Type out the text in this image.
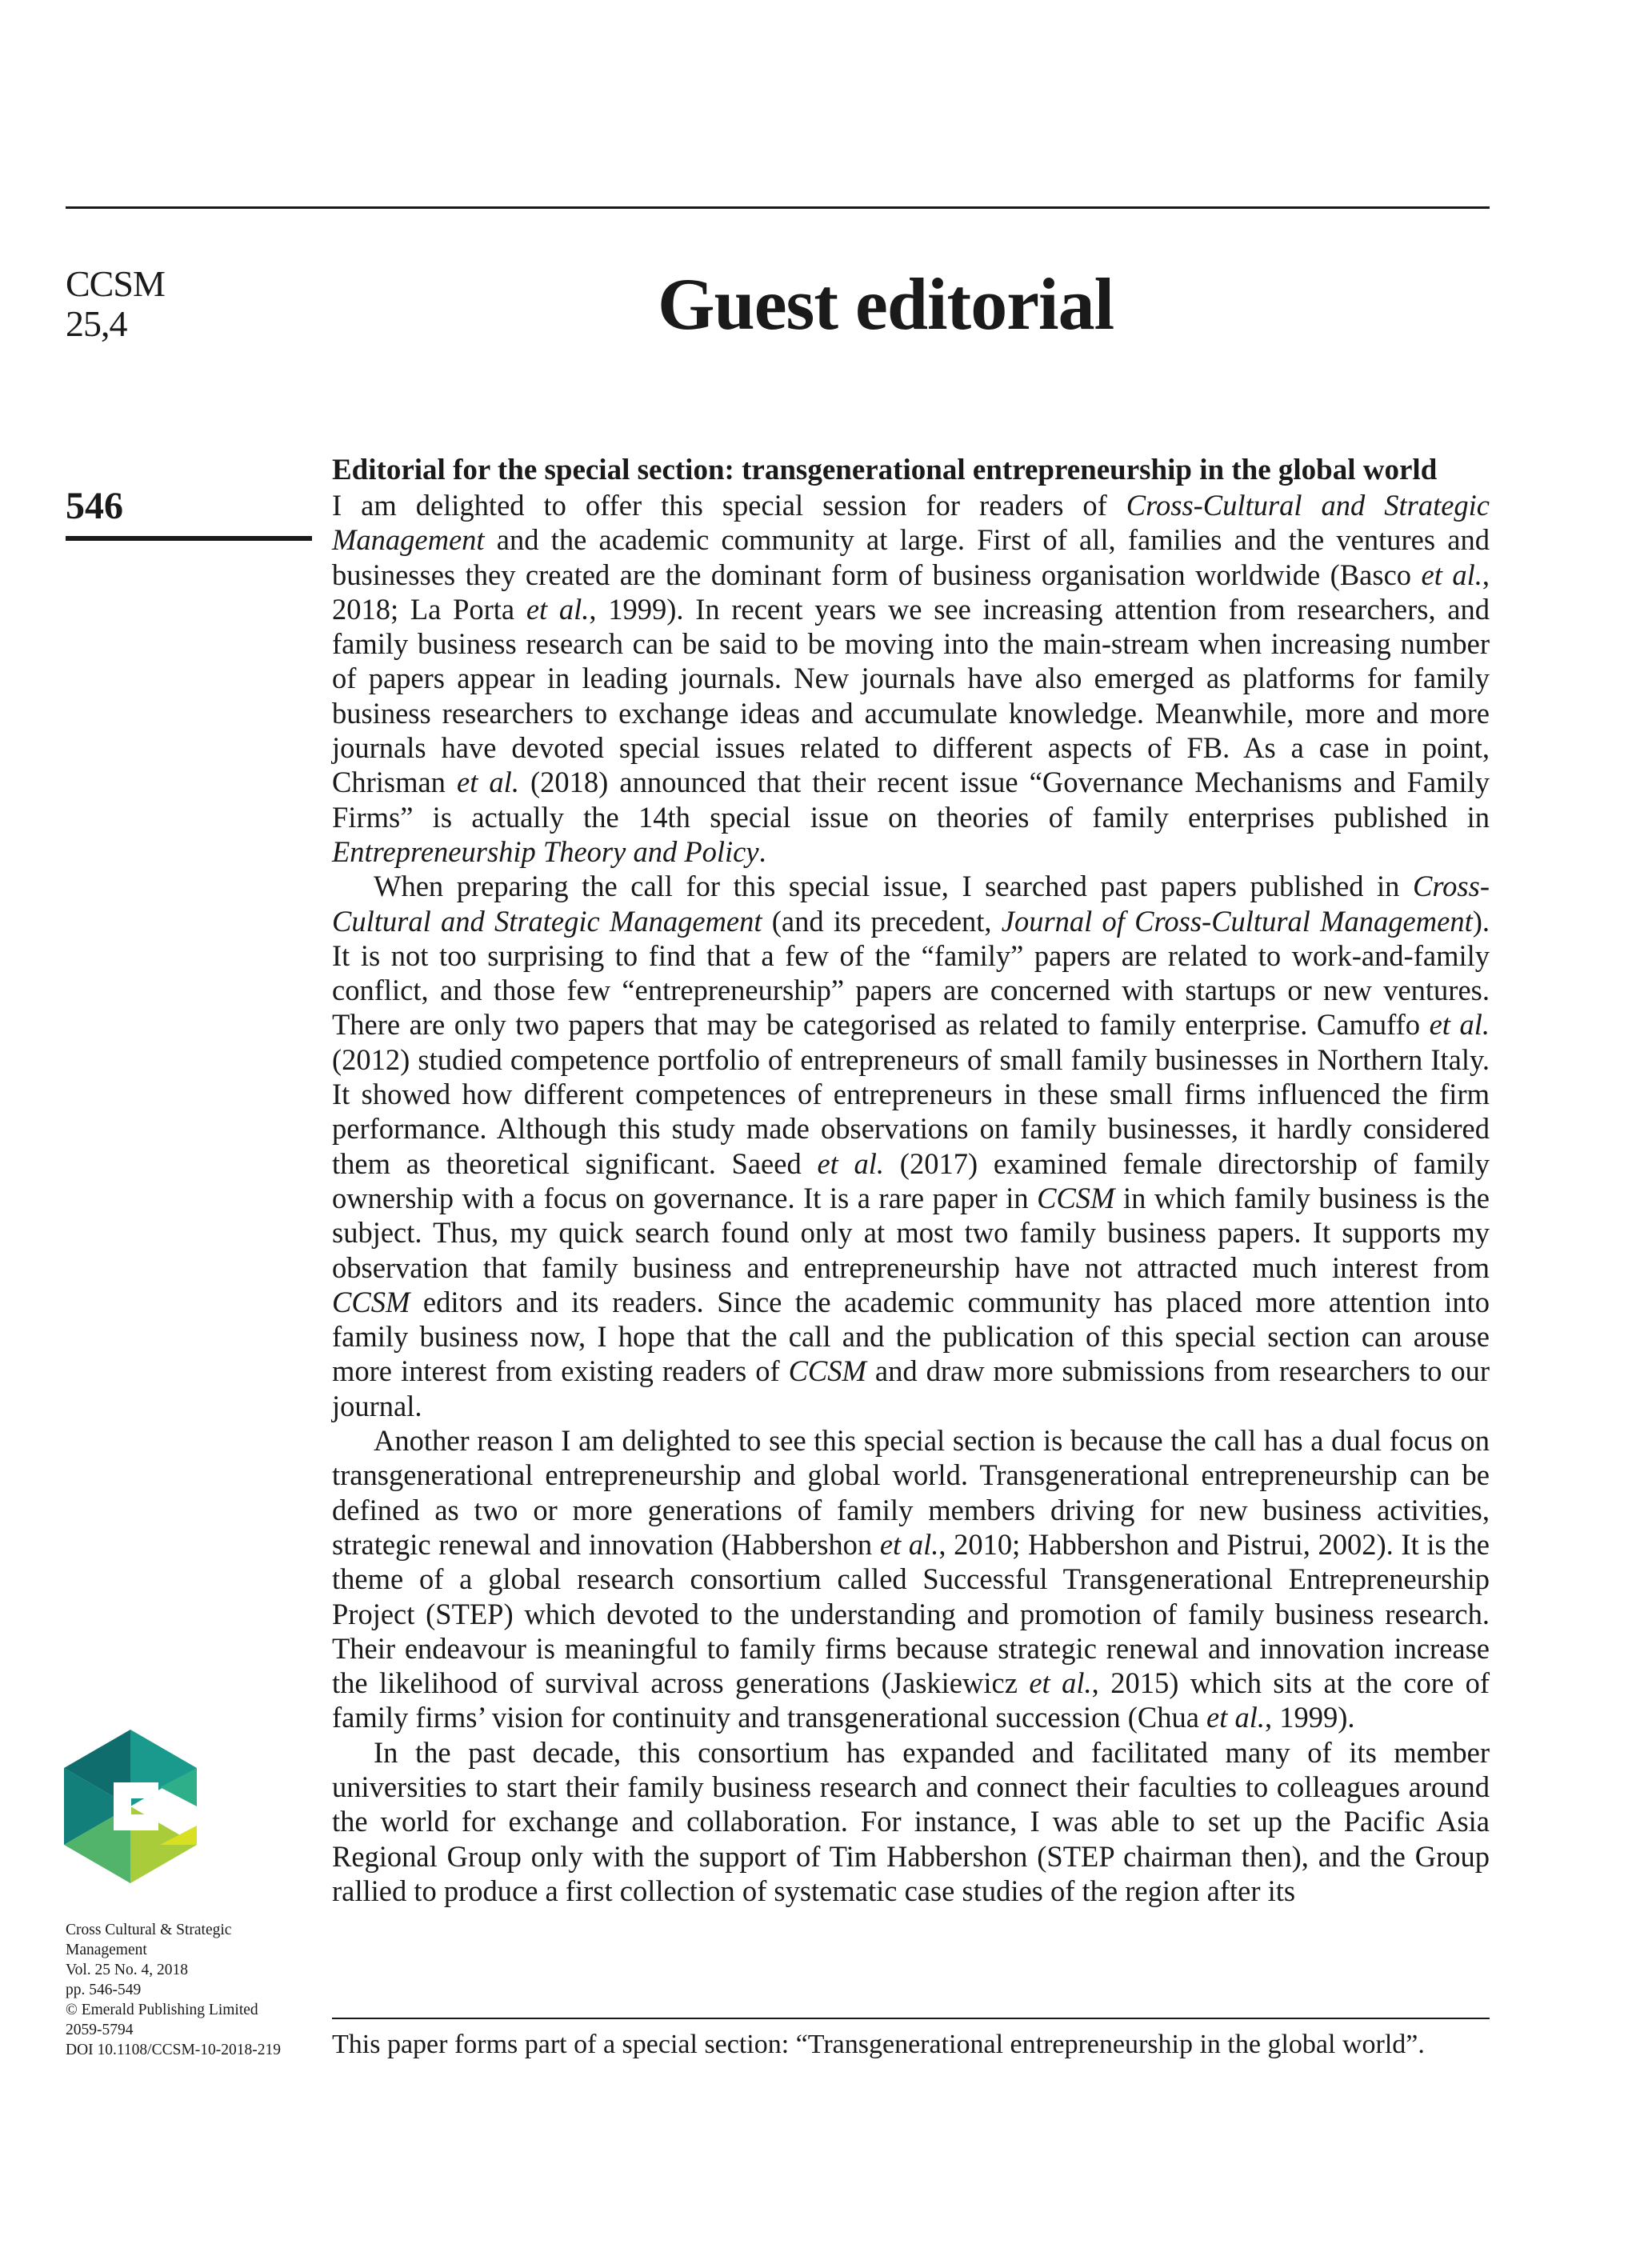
CCSM
25,4	Guest editorial
546
Editorial for the special section: transgenerational entrepreneurship in the global world

I am delighted to offer this special session for readers of Cross-Cultural and Strategic Management and the academic community at large. First of all, families and the ventures and businesses they created are the dominant form of business organisation worldwide (Basco et al., 2018; La Porta et al., 1999). In recent years we see increasing attention from researchers, and family business research can be said to be moving into the main-stream when increasing number of papers appear in leading journals. New journals have also emerged as platforms for family business researchers to exchange ideas and accumulate knowledge. Meanwhile, more and more journals have devoted special issues related to different aspects of FB. As a case in point, Chrisman et al. (2018) announced that their recent issue “Governance Mechanisms and Family Firms” is actually the 14th special issue on theories of family enterprises published in Entrepreneurship Theory and Policy.

When preparing the call for this special issue, I searched past papers published in Cross-Cultural and Strategic Management (and its precedent, Journal of Cross-Cultural Management). It is not too surprising to find that a few of the “family” papers are related to work-and-family conflict, and those few “entrepreneurship” papers are concerned with startups or new ventures. There are only two papers that may be categorised as related to family enterprise. Camuffo et al. (2012) studied competence portfolio of entrepreneurs of small family businesses in Northern Italy. It showed how different competences of entrepreneurs in these small firms influenced the firm performance. Although this study made observations on family businesses, it hardly considered them as theoretical significant. Saeed et al. (2017) examined female directorship of family ownership with a focus on governance. It is a rare paper in CCSM in which family business is the subject. Thus, my quick search found only at most two family business papers. It supports my observation that family business and entrepreneurship have not attracted much interest from CCSM editors and its readers. Since the academic community has placed more attention into family business now, I hope that the call and the publication of this special section can arouse more interest from existing readers of CCSM and draw more submissions from researchers to our journal.

Another reason I am delighted to see this special section is because the call has a dual focus on transgenerational entrepreneurship and global world. Transgenerational entrepreneurship can be defined as two or more generations of family members driving for new business activities, strategic renewal and innovation (Habbershon et al., 2010; Habbershon and Pistrui, 2002). It is the theme of a global research consortium called Successful Transgenerational Entrepreneurship Project (STEP) which devoted to the understanding and promotion of family business research. Their endeavour is meaningful to family firms because strategic renewal and innovation increase the likelihood of survival across generations (Jaskiewicz et al., 2015) which sits at the core of family firms’ vision for continuity and transgenerational succession (Chua et al., 1999).

In the past decade, this consortium has expanded and facilitated many of its member universities to start their family business research and connect their faculties to colleagues around the world for exchange and collaboration. For instance, I was able to set up the Pacific Asia Regional Group only with the support of Tim Habbershon (STEP chairman then), and the Group rallied to produce a first collection of systematic case studies of the region after its

This paper forms part of a special section: “Transgenerational entrepreneurship in the global world”.
Cross Cultural & Strategic
Management
Vol. 25 No. 4, 2018
pp. 546-549
© Emerald Publishing Limited
2059-5794
DOI 10.1108/CCSM-10-2018-219
